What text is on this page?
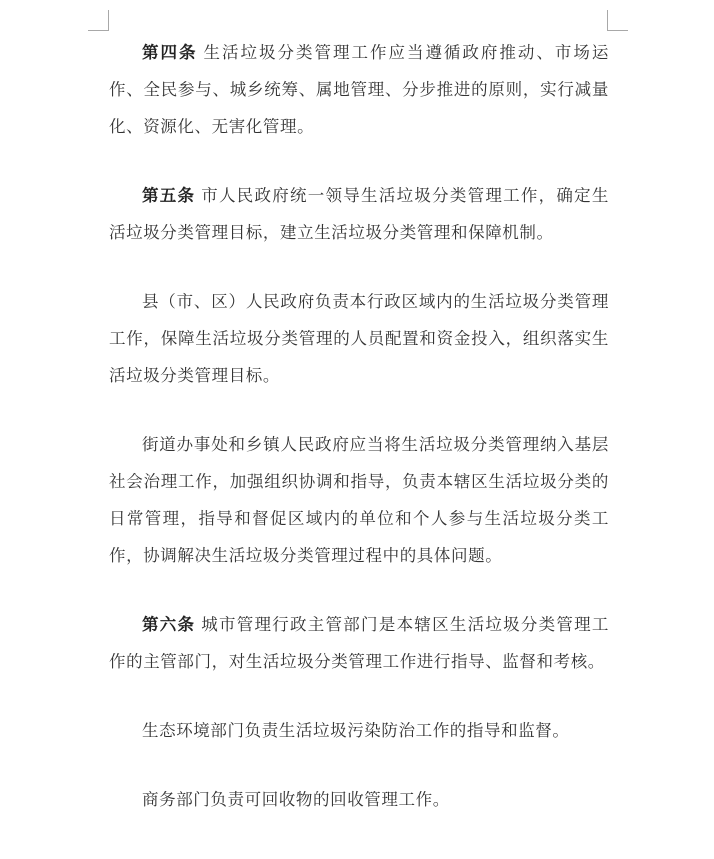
第四条 生活垃圾分类管理工作应当遵循政府推动、市场运作、全民参与、城乡统筹、属地管理、分步推进的原则，实行减量化、资源化、无害化管理。

第五条 市人民政府统一领导生活垃圾分类管理工作，确定生活垃圾分类管理目标，建立生活垃圾分类管理和保障机制。

县（市、区）人民政府负责本行政区域内的生活垃圾分类管理工作，保障生活垃圾分类管理的人员配置和资金投入，组织落实生活垃圾分类管理目标。

街道办事处和乡镇人民政府应当将生活垃圾分类管理纳入基层社会治理工作，加强组织协调和指导，负责本辖区生活垃圾分类的日常管理，指导和督促区域内的单位和个人参与生活垃圾分类工作，协调解决生活垃圾分类管理过程中的具体问题。

第六条 城市管理行政主管部门是本辖区生活垃圾分类管理工作的主管部门，对生活垃圾分类管理工作进行指导、监督和考核。

生态环境部门负责生活垃圾污染防治工作的指导和监督。

商务部门负责可回收物的回收管理工作。
